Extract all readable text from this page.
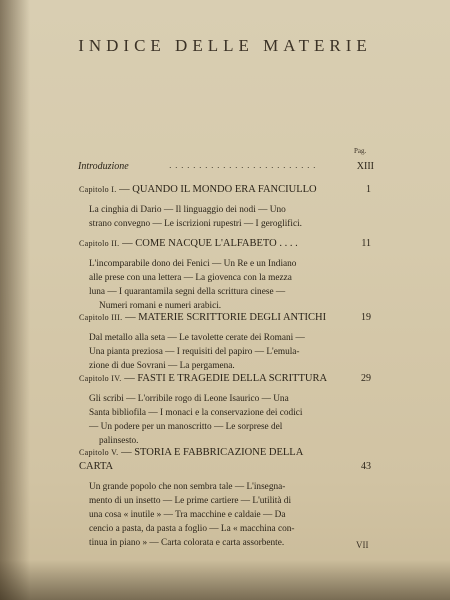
INDICE DELLE MATERIE
Pag.
Introduzione	. . . . . . . . . . . . . . . . . . . . . . . . .	XIII
Capitolo I. — QUANDO IL MONDO ERA FANCIULLO	1
La cinghia di Dario — Il linguaggio dei nodi — Uno
strano convegno — Le iscrizioni rupestri — I geroglifici.
Capitolo II. — COME NACQUE L'ALFABETO . . . .	11
L'incomparabile dono dei Fenici — Un Re e un Indiano
alle prese con una lettera — La giovenca con la mezza
luna — I quarantamila segni della scrittura cinese —
Numeri romani e numeri arabici.
Capitolo III. — MATERIE SCRITTORIE DEGLI ANTICHI	19
Dal metallo alla seta — Le tavolette cerate dei Romani —
Una pianta preziosa — I requisiti del papiro — L'emula-
zione di due Sovrani — La pergamena.
Capitolo IV. — FASTI E TRAGEDIE DELLA SCRITTURA	29
Gli scribi — L'orribile rogo di Leone Isaurico — Una
Santa bibliofila — I monaci e la conservazione dei codici
— Un podere per un manoscritto — Le sorprese del
palinsesto.
Capitolo V. — STORIA E FABBRICAZIONE DELLA
CARTA	43
Un grande popolo che non sembra tale — L'insegna-
mento di un insetto — Le prime cartiere — L'utilità di
una cosa « inutile » — Tra macchine e caldaie — Da
cencio a pasta, da pasta a foglio — La « macchina con-
tinua in piano » — Carta colorata e carta assorbente.	VII
